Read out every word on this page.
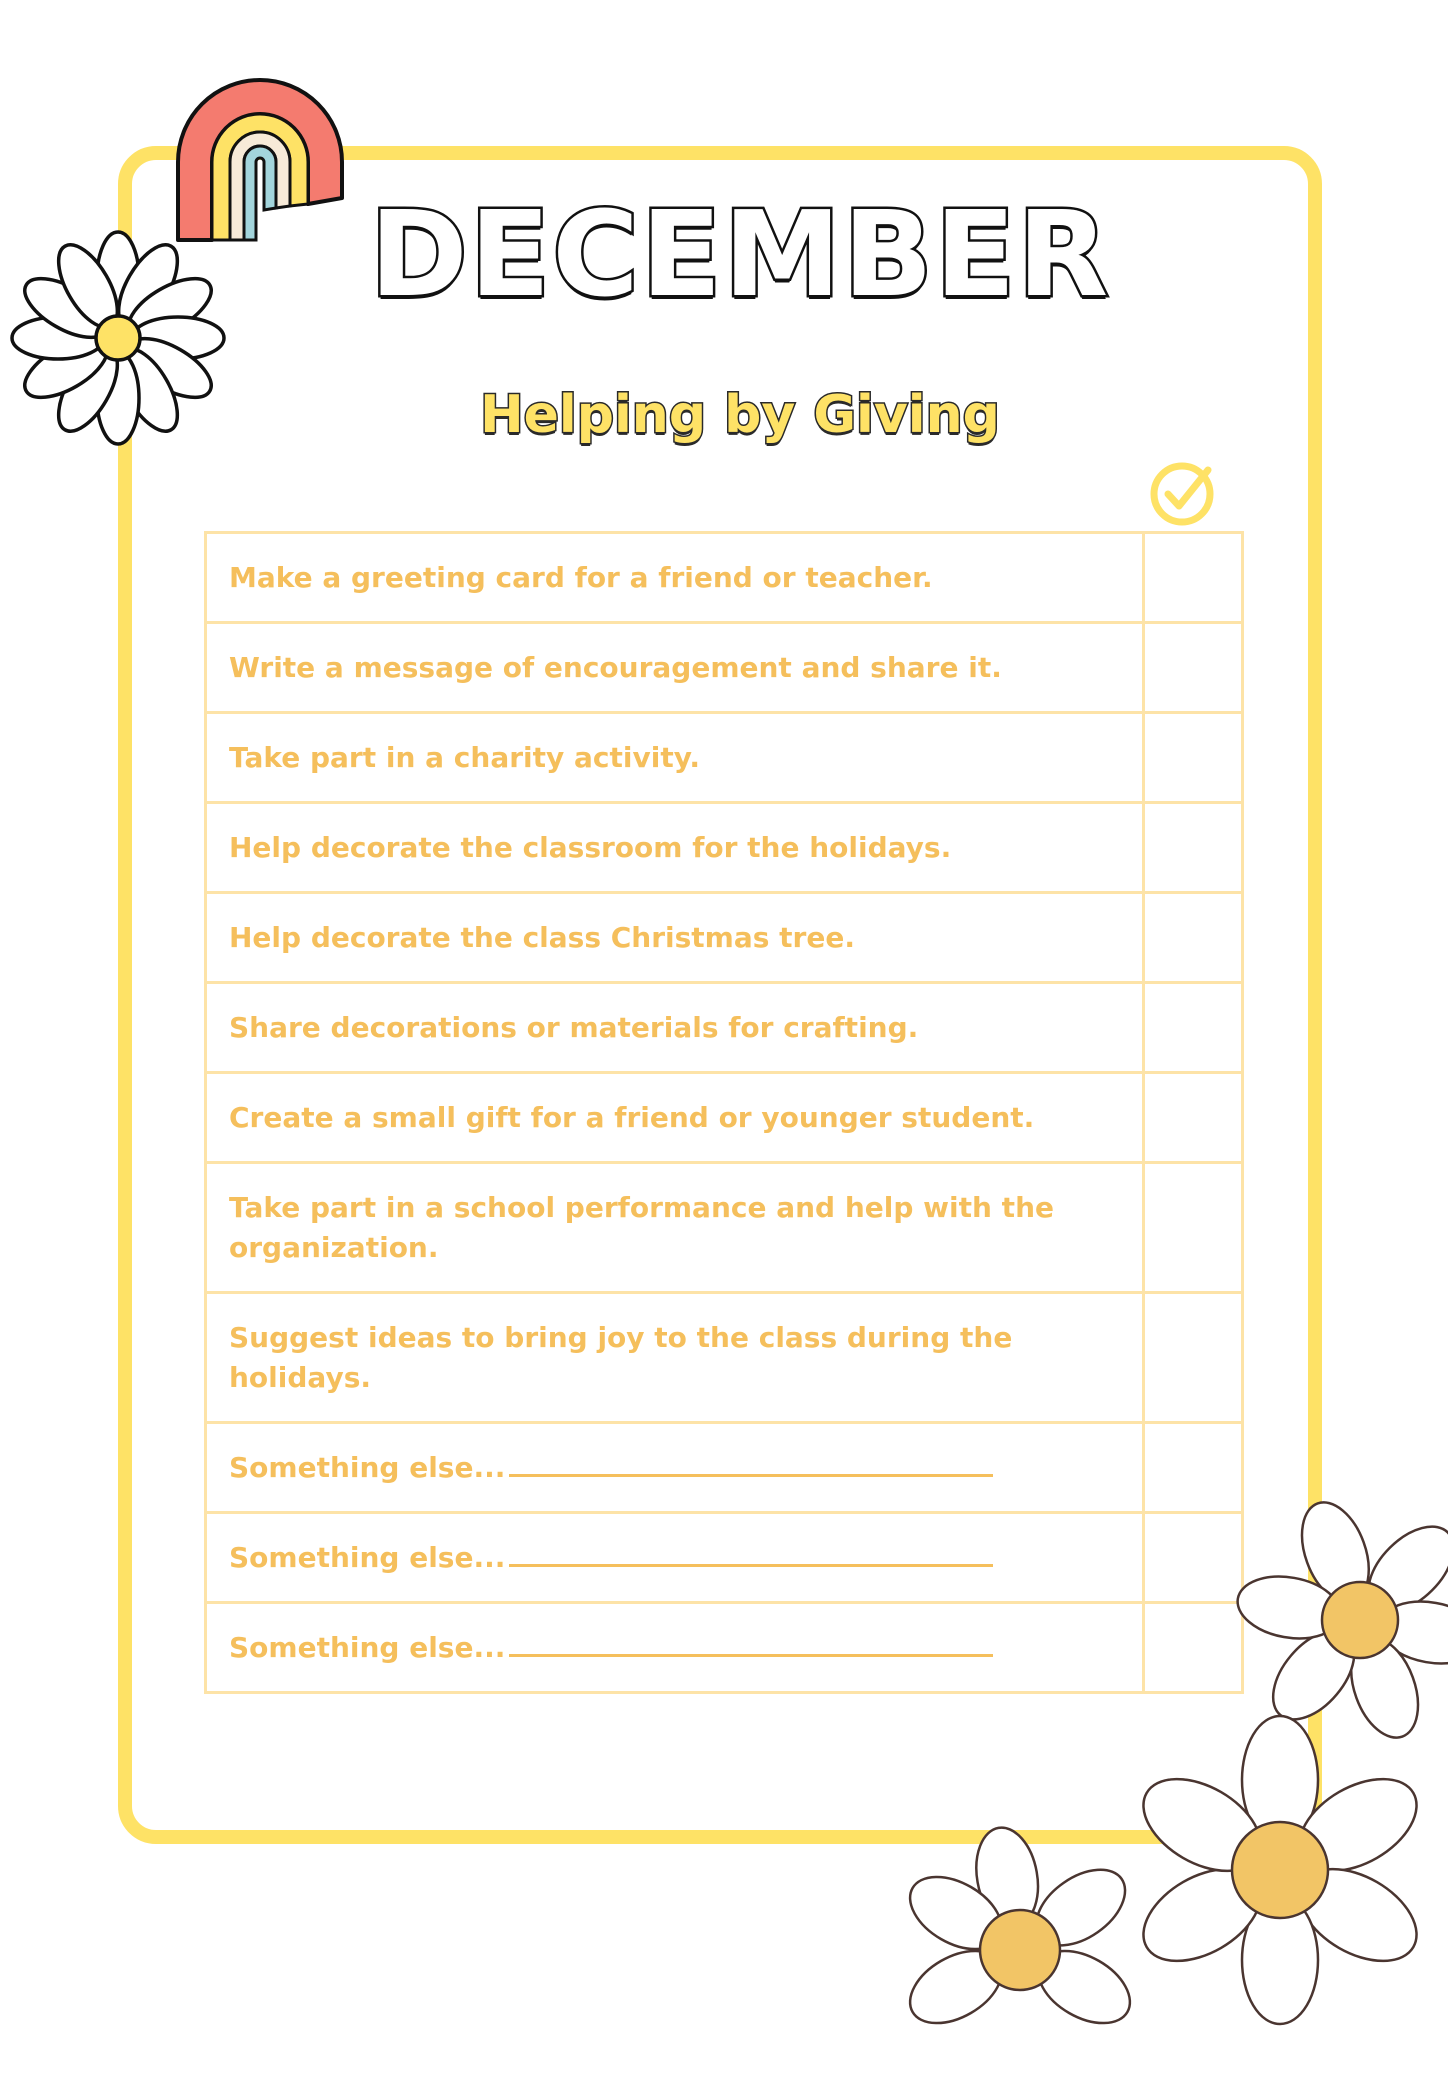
DECEMBER
Helping by Giving
Make a greeting card for a friend or teacher.	
Write a message of encouragement and share it.	
Take part in a charity activity.	
Help decorate the classroom for the holidays.	
Help decorate the class Christmas tree.	
Share decorations or materials for crafting.	
Create a small gift for a friend or younger student.	
Take part in a school performance and help with the organization.	
Suggest ideas to bring joy to the class during the holidays.	
Something else...	
Something else...	
Something else...	
